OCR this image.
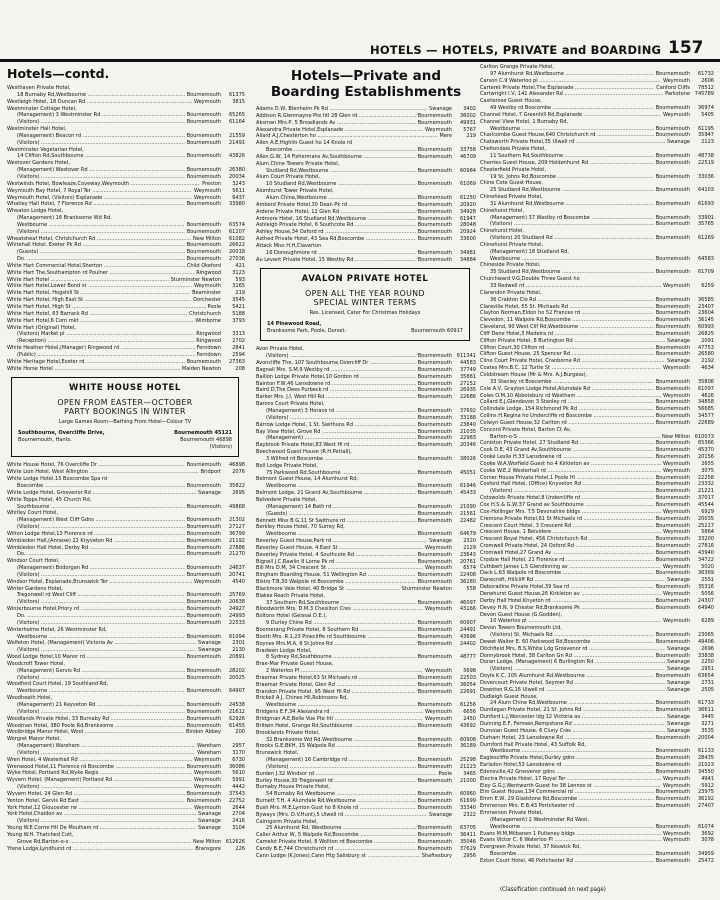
HOTELS — HOTELS, PRIVATE and BOARDING 157
Hotels—contd.
Westhaven Private Hotel,
18 Burnaby Rd,Westbourne .....	Bournemouth	61375
Westleigh Hotel, 18 Duncan Rd .....	Weymouth	3815
Westminster Cottage Hotel,
(Management) 3 Westminster Rd .....	Bournemouth	65265
(Visitors) .....	Bournemouth	61164
Westminster Hall Hotel,
(Management) Beacon rd .....	Bournemouth	21559
(Visitors) .....	Bournemouth	21491
Westminster Vegetarian Hotel,
14 Clifton Rd,Southbourne .....	Bournemouth	43826
Westover Gardens Hotel,
(Management) Westover Rd .....	Bournemouth	26380
(Visitors) .....	Bournemouth	20034
Westwinds Hotel, Bowleaze,Coveway,Weymouth .....	Preston	3243
Weymouth Bay Hotel, 7 Royal Ter .....	Weymouth	5611
Weymouth Hotel, (Visitors) Esplanade .....	Weymouth	6437
Whatley Hall Hotel, 7 Florence Rd .....	Bournemouth	33980
Wheaton Lodge Hotel,
(Management) 16 Branksome Wd Rd,
Westbourne .....	Bournemouth	63574
(Visitors) .....	Bournemouth	61207
Wheatsheaf Hotel, Christchurch Rd .....	New Milton	61082
Whitehall Hotel, Exeter Pk Rd .....	Bournemouth	26622
(Guests) .....	Bournemouth	20018
Do. .....	Bournemouth	27036
White Hart Commercial Hotel,Sherton .....	Child Okeford	421
White Hart The,Southampton rd Poulner .....	Ringwood	3123
White Hart Hotel .....	Sturminster Newton	593
White Hart Hotel,Lower Bond st .....	Weymouth	3165
White Hart Hotel, Hogshill St .....	Beaminster	219
White Hart Hotel, High East St .....	Dorchester	3545
White Hart Hotel, High St .....	Poole	5421
White Hart Hotel, 63 Barrack Rd .....	Christchurch	5188
White Hart Hotel,6 Corn mkt .....	Wimborne	3793
White Hart (Original) Hotel,
(Visitors) Market pl .....	Ringwood	3313
(Reception) .....	Ringwood	2702
White Heather Hotel,(Manager) Ringwood rd .....	Ferndown	2841
(Public) .....	Ferndown	2594
White Heritage Hotel,Exeter rd .....	Bournemouth	27363
White Horse Hotel .....	Maiden Newton	208
WHITE HOUSE HOTEL
OPEN FROM EASTER—OCTOBER
PARTY BOOKINGS IN WINTER
Large Games Room—Bathing From Hotel—Colour TV
Southbourne, Overcliffe Drive,	Bournemouth 45121
Bournemouth, Hants.	Bournemouth 46898
(Visitors)
White House Hotel, 76 Overcliffe Dr .....	Bournemouth	46898
White Lion Hotel, West Allington .....	Bridport	2076
White Lodge Hotel,15 Boscombe Spa rd
Boscombe .....	Bournemouth	35822
White Lodge Hotel, Grosvenor Rd .....	Swanage	2695
White Topps Hotel, 45 Church Rd,
Southbourne .....	Bournemouth	49868
Whitley Court Hotel,
(Management) West Cliff Gdns .....	Bournemouth	21302
(Visitors) .....	Bournemouth	27127
Wilton Lodge Hotel,13 Florence rd .....	Bournemouth	36799
Wimbledon Hall,(Annexe) 22 Knyveton Rd .....	Bournemouth	21192
Wimbledon Hall Hotel, Derby Rd .....	Bournemouth	27886
Do. .....	Bournemouth	21270
Windsor Court Hotel,
(Management) Bodorgan Rd .....	Bournemouth	24637
(Visitors) .....	Bournemouth	20741
Windsor Hotel, Esplanade,Brunswick Ter .....	Weymouth	4540
Winter Gardens Hotel,
Tregonwell rd West Cliff .....	Bournemouth	25769
(Visitors) .....	Bournemouth	20638
Winterbourne Hotel,Priory rd .....	Bournemouth	24927
Do. .....	Bournemouth	24993
(Visitors) .....	Bournemouth	22533
Winterholme Hotel, 26 Westminster Rd,
Westbourne .....	Bournemouth	61094
Wolfeton Hotel, (Management) Victoria Av .....	Swanage	2301
(Visitors) .....	Swanage	2130
Wood Lodge Hotel,10 Manor rd .....	Bournemouth	20891
Woodcroft Tower Hotel,
(Management) Gervis Rd .....	Bournemouth	28202
(Visitors) .....	Bournemouth	20025
Woodford Court Hotel, 19 Southland Rd,
Westbourne .....	Bournemouth	64907
Woodheath Hotel,
(Management) 21 Keyveton Rd .....	Bournemouth	24538
(Visitors) .....	Bournemouth	21612
Woodlands Private Hotel, 33 Burnaby Rd .....	Bournemouth	62926
Woodman Hotel, 380 Poole Rd,Branksome .....	Bournemouth	61455
Woolbridge Manor Hotel, Wool .....	Bindon Abbey	200
Worgret Manor Hotel,
(Management) Wareham .....	Wareham	2957
(Visitors) .....	Wareham	3170
Wren Hotel, 4 Westerhall Rd .....	Weymouth	6730
Wrenwood Hotel,11 Florence rd Boscombe .....	Bournemouth	36086
Wyke Hotel, Portland Rd,Wyke Regis .....	Weymouth	5610
Wyvern Hotel, (Management) Portland Rd .....	Weymouth	5991
(Visitors) .....	Weymouth	4442
Wyvern Hotel, 24 Glen Rd .....	Bournemouth	37543
Yenton Hotel, Gervis Rd East .....	Bournemouth	22752
York Hotel,12 Gloucester rw .....	Weymouth	2644
York Hotel,Chaldon av .....	Swanage	2704
(Visitors) .....	Swanage	2416
Young W.E.Corrie Htl De Moulham rd .....	Swanage	3104
Young W.H. Thatched Cott,
Grove Rd,Barton-o-s .....	New Milton 612626
Ytene Lodge,Lyndhurst rd .....	Bransgore	226
Hotels—Private and Boarding Establishments
Adams D.W, Blenheim Pk Rd .....	Swanage	3402
Addison R,Glenmayne Pte htl 28 Glen rd .....	Bournemouth	36002
Aksman Mrs.P, 5 Broadlands Av .....	Bournemouth	49931
Alexandra Private Hotel,Esplanade .....	Weymouth	5767
Allard A.J,Chesterton ho .....	Mere	219
Allen A.E,Highlin Guest ho 14 Knole rd
Boscombe .....	Bournemouth	33758
Allen G.W, 14 Fishermans Av,Southbourne .....	Bournemouth	46709
Alum Chine Towers Private Hotel,
Studland Rd,Westbourne .....	Bournemouth	60984
Alum Court Private Hotel,
10 Studland Rd,Westbourne .....	Bournemouth	61069
Alumhurst Tower Private Hotel,
Alum Chine,Westbourne .....	Bournemouth	61250
Amberd Private Hotel,30 Dean Pk rd .....	Bournemouth	20920
Ardene Private Hotel, 12 Glen Rd .....	Bournemouth	34928
Ardmore Hotel, 16 Studland Rd,Westbourne .....	Bournemouth	61947
Ashleigh Private Hotel, 6 Southcote Rd .....	Bournemouth	28048
Ashley House,34 Oxford rd .....	Bournemouth	20924
Asthed Private Hotel, 43 Sea Rd,Boscombe .....	Bournemouth	33600
Attack Miss H.H,Claverton
16 Donoughmore rd .....	Bournemouth	34981
Au Levant Private Hotel, 15 Westby Rd .....	Bournemouth	34884
AVALON PRIVATE HOTEL
OPEN ALL THE YEAR ROUND
SPECIAL WINTER TERMS
Res. Licensed, Cater For Christmas Holidays
14 Pinewood Road,
Branksome Park, Poole, Dorset.	Bournemouth 60917
Avon Private Hotel,
(Visitors) .....	Bournemouth 611341
Avoncliffe The, 107 Southbourne,Overcliff Dr .....	Bournemouth	44583
Bagnall Mrs. S.M,9 Westby rd .....	Bournemouth	37749
Baillon Lodge Private Hotel,10 Gordon rd .....	Bournemouth	35881
Bainton F.W,46 Lansdowne rd .....	Bournemouth	27152
Baird D,The Dees Purbeck rd .....	Bournemouth	26935
Barker Mrs. J.I, West Hill Rd .....	Bournemouth	22686
Barons Court Private Hotel,
(Management) 3 Horace rd .....	Bournemouth	37692
(Visitors) .....	Bournemouth	33188
Barrow Lodge Hotel, 1 St. Swithuns Rd .....	Bournemouth	23840
Bay View Hotel, Grove Rd .....	Bournemouth	21035
(Management) .....	Bournemouth	22983
Baybrook Private Hotel,83 West Hl rd .....	Bournemouth	20346
Beechwood Guest House (R.H.Pettall),
3 Wilfred rd Boscombe .....	Bournemouth	38026
Bell Lodge Private Hotel,
75 Parkwood Rd,Southbourne .....	Bournemouth	45051
Belmont Guest House, 14 Alumhurst Rd,
Westbourne .....	Bournemouth	61946
Belmont Lodge, 21 Grand Av,Southbourne .....	Bournemouth	45433
Belvedere Private Hotel,
(Management) 14 Bath rd .....	Bournemouth	21090
(Guests) .....	Bournemouth	21561
Bennett Miss B.G,11 St Swithuns rd .....	Bournemouth	22482
Berkley House Hotel, 70 Surrey Rd,
Westbourne .....	Bournemouth	64679
Beverley Guest House,Park rd .....	Swanage	2320
Beverley Guest House, 4 East St .....	Weymouth	2129
Beverley Private Hotel, 4 Southcote Rd .....	Bournemouth	23643
Bignell J.C,Rawlin 8 Lorne Pk rd .....	Bournemouth	20761
Bill Mrs D.M, 34 Crescent St .....	Weymouth	6574
Bingham Boarding House, 51 Wellington Rd .....	Bournemouth	22408
Bistro T.B,30 Walpole rd Boscombe .....	Bournemouth	36280
Blackmore Vale Hotel, 40 Bridge St .....	Sturminster Newton	558
Blakes Reach Private Hotel,
37 Southern Rd,Southbourne .....	Bournemouth	46097
Bloodworth Mrs. D.M,3 Chesilton Cres .....	Weymouth	43166
Boltons Hotel (Geissal D.E.),
9 Durley Chine Rd .....	Bournemouth	60907
Boomerang Private Hotel, 8 Southern Rd .....	Bournemouth	24491
Booth Mrs. R.1,23 Pinecliffe rd Southbourne .....	Bournemouth	43696
Boynes Mrs.M.A, 8 St.Johns Rd .....	Bournemouth	24402
Bradwen Lodge Hotel,
8 Sydney Rd,Southbourne .....	Bournemouth	48777
Brae-Mar Private Guest House,
2 Waterloo Pl .....	Weymouth	5698
Braemar Private Hotel,63 St Michaels rd .....	Bournemouth	22503
Braemar Private Hotel, Glen Rd .....	Bournemouth	36054
Brandon Private Hotel, 95 West Hl Rd .....	Bournemouth	22691
Brickell A.J, Chines Hll,Robinsons Rd,
Westbourne .....	Bournemouth	61256
Bridgens E.F,34 Alexandra rd .....	Weymouth	6656
Bridgman A.E,Belle Vue Pte htl .....	Weymouth	2450
Britwin Hotel, Grange Rd,Southbourne .....	Bournemouth	43692
Brooklands Private Hotel,
32 Branksome Wd Rd,Westbourne .....	Bournemouth	60908
Brooks G.E,BKH, 15 Walpole Rd .....	Bournemouth	36189
Brunswick Hotel,
(Management) 16 Cambridge rd .....	Bournemouth	25298
(Visitors) .....	Bournemouth	21223
Burden J.32 Windsor rd .....	Poole	3465
Burley House,30 Tregonwell rd .....	Bournemouth	21000
Burnaby House Private Hotel,
54 Burnaby Rd Westbourne .....	Bournemouth	60960
Burnett T.H, 4 Alumdale Rd,Westbourne .....	Bournemouth	61699
Bush Mrs. M.E,Lynton Gust ho 8 Knole rd .....	Bournemouth	33340
Byways (Mrs. D.V.Hunt),5 Ulwell rd .....	Swanage	2322
Cairngorm Private Hotel,
25 Alumhurst Rd, Westbourne .....	Bournemouth	63705
Caller Arthur W, 5 Walpole Rd,Boscombe .....	Bournemouth	36411
Camelot Private Hotel, 8 Wollton rd Boscombe .....	Bournemouth	35046
Candy B.E,744 Christchurch rd .....	Bournemouth	37629
Cann Lodge (K.Jones),Cann Htg Salisbury st .....	Shaftesbury	2956
Carlton Grange Private Hotel,
97 Alumhurst Rd,Westbourne .....	Bournemouth	61732
Carson C.9 Waterloo pl .....	Weymouth	2606
Carteret Private Hotel,The Esplanade .....	Canford Cliffs	78512
Cartwright I.V, 141 Alexander Rd .....	Parkstone 745789
Castlerose Guest House,
49 Westby rd Boscombe .....	Bournemouth	36974
Channel Hotel, 7 Greenhill Rd,Esplanade .....	Weymouth	5405
Channel View Hotel, 1 Burnaby Rd,
Westbourne .....	Bournemouth	61195
Charlcombe Guest House,640 Christchurch rd .....	Bournemouth	35947
Chatsworth Private Hotel,35 Ulwell rd .....	Swanage	2123
Cheltondale Private Hotel,
11 Southern Rd,Southbourne .....	Bournemouth	48738
Cherries Guest House, 209 Holdenhurst Rd .....	Bournemouth	22519
Chesterfield Private Hotel,
19 St. Johns Rd,Boscombe .....	Bournemouth	33036
Chine Cote Guest House,
25 Studland Rd,Westbourne .....	Bournemouth	64103
Chinehead Private Hotel,
31 Alumhurst Rd,Westbourne .....	Bournemouth	61693
Chinehurst Hotel,
(Management) 37 Westby rd Boscombe .....	Bournemouth	33901
(Visitors) .....	Bournemouth	35765
Chinehurst Hotel,
(Visitors) 20 Studland Rd .....	Bournemouth	61269
Chinehurst Private Hotel,
(Management) 18 Studland Rd,
Westbourne .....	Bournemouth	64583
Chineside Private Hotel,
35 Studland Rd,Westbourne .....	Bournemouth	61709
Churchward V.G,Double Three Guest ho
33 Redwell rd .....	Weymouth	6259
Clarendon Private Hotel,
36 Crabton Clo Rd .....	Bournemouth	36585
Clareville Hotel, 55 St. Michaels Rd .....	Bournemouth	23407
Clayton Norman,Eldon ho 52 Frances rd .....	Bournemouth	23604
Clevedon, 11 Walpole Rd,Boscombe .....	Bournemouth	36145
Cleveland, 90 West Clif Rd,Westbourne .....	Bournemouth	60993
Cliff Dene Hotel,3 Madeira rd .....	Bournemouth	26825
Clifton Private Hotel, 8 Burlington Rd .....	Swanage	2091
Clifton Court,30 Clifton rd .....	Bournemouth	47753
Clifton Guest House, 25 Spencer Rd .....	Bournemouth	26580
Cline Court Private Hotel, Cranborne Rd .....	Swanage	2192
Coates Mrs.B.C, 12 Turtle St .....	Weymouth	4634
Coldstream House (Mr & Mrs. A.J.Burgess),
33 Stanley rd Boscombe .....	Bournemouth	35806
Cole A.V, Grayton Lodge Hotel,Alumdale Rd .....	Bournemouth	61097
Coles O.M,10 Abbotsbury rd Westham .....	Weymouth	4626
Collard E.J,Glendevon 3 Stanley rd .....	Bournemouth	34858
Collindale Lodge, 154 Richmond Pk Rd .....	Bournemouth	56685
Collins H.Regina ho Undercliffe rd Boscombe .....	Bournemouth	34577
Colwyn Guest House,32 Carlton rd .....	Bournemouth	22689
Concord Private Hotel, Barton Ct Av,
Barton-o-S .....	New Milton 610073
Coniston Private Hotel, 27 Studland Rd .....	Bournemouth	65366
Cook D.E, 43 Grand Av,Southbourne .....	Bournemouth	45370
Cooke Leslie H.33 Lansdowne rd .....	Bournemouth	20156
Cooke W.A,Worfield Guest ho 4 Kirkleton av .....	Weymouth	2655
Cooke W.E,2 Westerhall rd .....	Weymouth	3075
Corner House Private Hotel,1 Poole Hl .....	Bournemouth	22258
Cosford Hall Hotel, (Office) Knyveton Rd .....	Bournemouth	23332
(Visitors) .....	Bournemouth	21221
Cotswolds Private Hotel,8 Undercliffe rd .....	Bournemouth	37017
Cox H.S.& G.W,37 Grand av Southbourne .....	Bournemouth	45544
Cox-Hollinger Mrs. T.5 Devonshire bldgs .....	Weymouth	6929
Cremona Private Hotel,61 St Michaels rd .....	Bournemouth	20035
Crescent Court Hotel, 3 Crescent Rd .....	Bournemouth	25217
Crescent House, 1 Belvidere .....	Weymouth	5864
Crescent Royal Hotel, 456 Christchurch Rd .....	Bournemouth	33200
Cromwell Private Hotel, 24 Oxford Rd .....	Bournemouth	27816
Cromwell Hotel,27 Grand Av .....	Bournemouth	43940
Crosbie Hall Hotel, 21 Florence rd .....	Bournemouth	34722
Cuthbert James L.5 Glendinning av .....	Weymouth	5020
Dack L.63 Walpole rd Boscombe .....	Bournemouth	36369
Danecroft, Hillcliff Rd .....	Swanage	2551
Deboradine Private Hotel,39 Sea rd .....	Bournemouth	35316
Denehurst Guest House,26 Kirkleton av .....	Weymouth	5056
Derby Hall Hotel,Knyeton rd .....	Bournemouth	24307
Devey H.N, 9 Chester Rd,Branksome Pk .....	Bournemouth	64940
Devon Guest House (G.Godden),
10 Waterloo pl .....	Weymouth	6289
Devon Towers Bournemouth Ltd,
(Visitors) St. Michaels Rd .....	Bournemouth	23065
Dewet Walter E. 60 Parkwood Rd,Boscombe .....	Bournemouth	49406
Ditchfield Mrs. B.S,White Ldg Grosvenor rd .....	Swanage	2696
Donnybrook Hotel, 38 Carlton Gn Rd .....	Bournemouth	33838
Doran Lodge, (Management) 6 Burlington Rd .....	Swanage	2250
(Visitors) .....	Swanage	2951
Doyle K.C, 105 Alumhurst Rd,Westbourne .....	Bournemouth	63654
Dovercourt Private Hotel, Seymer Rd .....	Swanage	2731
Downton R.G,16 Ulwell rd .....	Swanage	2505
Dudleigh Guest House,
24 Alum Chine Rd,Westbourne .....	Bournemouth	61733
Dundegan Private Hotel, 21 St. Johns Rd .....	Bournemouth	36611
Dunford L.J,Worcester ldg 12 Victoria av .....	Swanage	3445
Dunning E.F, Fernsen,Rempstone Rd .....	Swanage	3271
Dunsvan Guest House, 6 Cluny Cres .....	Swanage	3535
Durham Hotel, 23 Lansdowne Rd .....	Bournemouth	20004
Durnford Hall Private Hotel, 43 Suffolk Rd,
Westbourne .....	Bournemouth	61133
Eaglescliffe Private Hotel,Durley gdns .....	Bournemouth	28435
Earlsdon Hotel,53 Lansdowne rd .....	Bournemouth	21023
Edensville,42 Grosvenor gdns .....	Bournemouth	34550
Electra Private Hotel, 17 Royal Ter .....	Weymouth	4941
Eley G.G.J,Wentworth Guest ho 38 Lennox st .....	Weymouth	5912
Elm Guest House,134 Commercial rd .....	Bournemouth	23975
Emm E.W, 29 Gladstone Rd,Boscombe .....	Bournemouth	36192
Emmerson Mrs. E.B,43 Portchester rd .....	Bournemouth	27407
Emmerson Private Hotel,
(Management) 2 Westminster Rd West,
Westbourne .....	Bournemouth	61074
Evans M.M,Milbanen 1 Pulteney bldgs .....	Weymouth	3692
Evans Victor C, 6 Waterloo Pl .....	Weymouth	3078
Evergreen Private Hotel, 37 Keswick Rd,
Boscombe .....	Bournemouth	34959
Exton Court Hotel, 46 Portchester Rd .....	Bournemouth	25472
(Classification continued on next page)
